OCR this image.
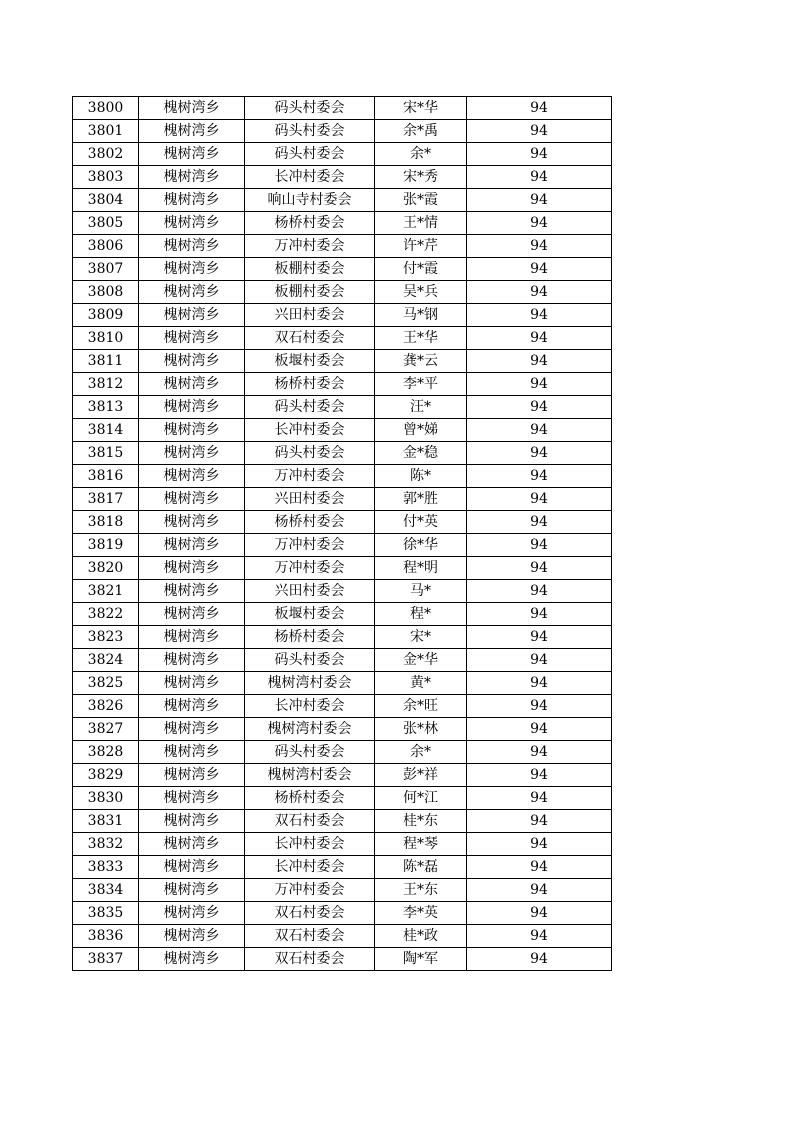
3800	槐树湾乡	码头村委会	宋*华	94
3801	槐树湾乡	码头村委会	余*禹	94
3802	槐树湾乡	码头村委会	余*	94
3803	槐树湾乡	长冲村委会	宋*秀	94
3804	槐树湾乡	响山寺村委会	张*霞	94
3805	槐树湾乡	杨桥村委会	王*情	94
3806	槐树湾乡	万冲村委会	许*芹	94
3807	槐树湾乡	板棚村委会	付*霞	94
3808	槐树湾乡	板棚村委会	吴*兵	94
3809	槐树湾乡	兴田村委会	马*钢	94
3810	槐树湾乡	双石村委会	王*华	94
3811	槐树湾乡	板堰村委会	龚*云	94
3812	槐树湾乡	杨桥村委会	李*平	94
3813	槐树湾乡	码头村委会	汪*	94
3814	槐树湾乡	长冲村委会	曾*娣	94
3815	槐树湾乡	码头村委会	金*稳	94
3816	槐树湾乡	万冲村委会	陈*	94
3817	槐树湾乡	兴田村委会	郭*胜	94
3818	槐树湾乡	杨桥村委会	付*英	94
3819	槐树湾乡	万冲村委会	徐*华	94
3820	槐树湾乡	万冲村委会	程*明	94
3821	槐树湾乡	兴田村委会	马*	94
3822	槐树湾乡	板堰村委会	程*	94
3823	槐树湾乡	杨桥村委会	宋*	94
3824	槐树湾乡	码头村委会	金*华	94
3825	槐树湾乡	槐树湾村委会	黄*	94
3826	槐树湾乡	长冲村委会	余*旺	94
3827	槐树湾乡	槐树湾村委会	张*林	94
3828	槐树湾乡	码头村委会	余*	94
3829	槐树湾乡	槐树湾村委会	彭*祥	94
3830	槐树湾乡	杨桥村委会	何*江	94
3831	槐树湾乡	双石村委会	桂*东	94
3832	槐树湾乡	长冲村委会	程*琴	94
3833	槐树湾乡	长冲村委会	陈*磊	94
3834	槐树湾乡	万冲村委会	王*东	94
3835	槐树湾乡	双石村委会	李*英	94
3836	槐树湾乡	双石村委会	桂*政	94
3837	槐树湾乡	双石村委会	陶*军	94
